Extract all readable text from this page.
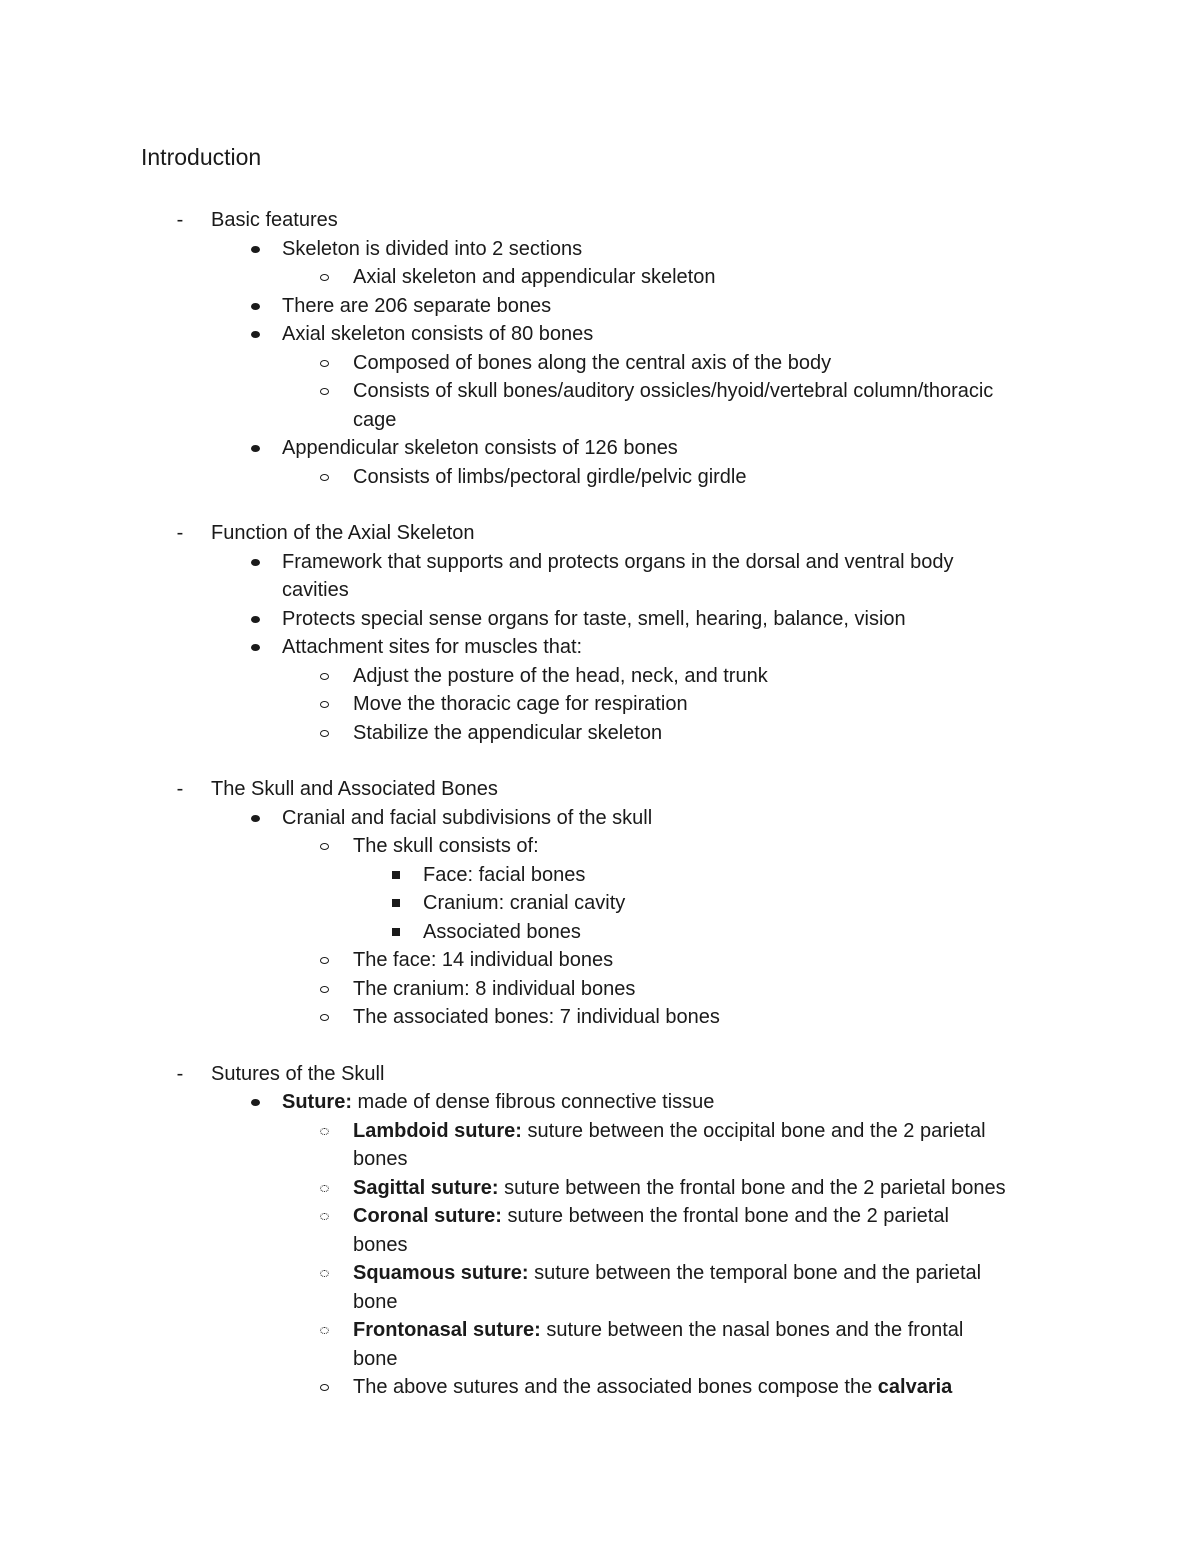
Introduction
- Basic features
Skeleton is divided into 2 sections
Axial skeleton and appendicular skeleton
There are 206 separate bones
Axial skeleton consists of 80 bones
Composed of bones along the central axis of the body
Consists of skull bones/auditory ossicles/hyoid/vertebral column/thoracic
cage
Appendicular skeleton consists of 126 bones
Consists of limbs/pectoral girdle/pelvic girdle
- Function of the Axial Skeleton
Framework that supports and protects organs in the dorsal and ventral body
cavities
Protects special sense organs for taste, smell, hearing, balance, vision
Attachment sites for muscles that:
Adjust the posture of the head, neck, and trunk
Move the thoracic cage for respiration
Stabilize the appendicular skeleton
- The Skull and Associated Bones
Cranial and facial subdivisions of the skull
The skull consists of:
Face: facial bones
Cranium: cranial cavity
Associated bones
The face: 14 individual bones
The cranium: 8 individual bones
The associated bones: 7 individual bones
- Sutures of the Skull
Suture: made of dense fibrous connective tissue
Lambdoid suture: suture between the occipital bone and the 2 parietal
bones
Sagittal suture: suture between the frontal bone and the 2 parietal bones
Coronal suture: suture between the frontal bone and the 2 parietal
bones
Squamous suture: suture between the temporal bone and the parietal
bone
Frontonasal suture: suture between the nasal bones and the frontal
bone
The above sutures and the associated bones compose the calvaria
